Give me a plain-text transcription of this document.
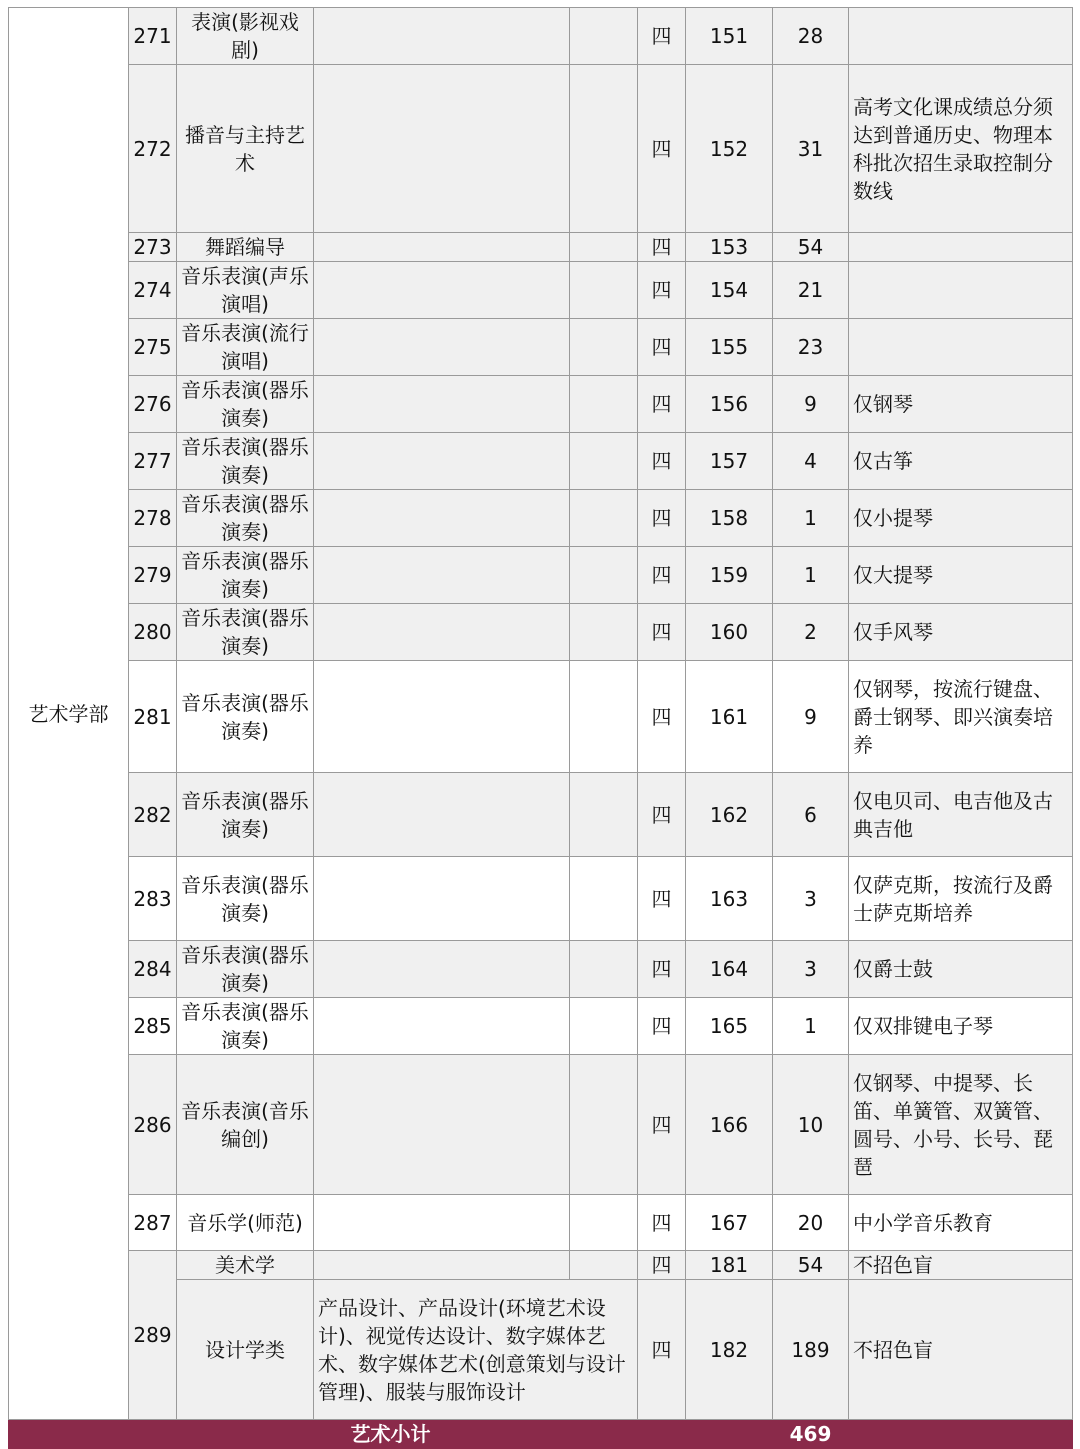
艺术学部	271	表演(影视戏剧)			四	151	28	
	272	播音与主持艺术			四	152	31	高考文化课成绩总分须达到普通历史、物理本科批次招生录取控制分数线
	273	舞蹈编导			四	153	54	
	274	音乐表演(声乐演唱)			四	154	21	
	275	音乐表演(流行演唱)			四	155	23	
	276	音乐表演(器乐演奏)			四	156	9	仅钢琴
	277	音乐表演(器乐演奏)			四	157	4	仅古筝
	278	音乐表演(器乐演奏)			四	158	1	仅小提琴
	279	音乐表演(器乐演奏)			四	159	1	仅大提琴
	280	音乐表演(器乐演奏)			四	160	2	仅手风琴
	281	音乐表演(器乐演奏)			四	161	9	仅钢琴，按流行键盘、爵士钢琴、即兴演奏培养
	282	音乐表演(器乐演奏)			四	162	6	仅电贝司、电吉他及古典吉他
	283	音乐表演(器乐演奏)			四	163	3	仅萨克斯，按流行及爵士萨克斯培养
	284	音乐表演(器乐演奏)			四	164	3	仅爵士鼓
	285	音乐表演(器乐演奏)			四	165	1	仅双排键电子琴
	286	音乐表演(音乐编创)			四	166	10	仅钢琴、中提琴、长笛、单簧管、双簧管、圆号、小号、长号、琵琶
	287	音乐学(师范)			四	167	20	中小学音乐教育
	289	美术学			四	181	54	不招色盲
		设计学类	产品设计、产品设计(环境艺术设计)、视觉传达设计、数字媒体艺术、数字媒体艺术(创意策划与设计管理)、服装与服饰设计		四	182	189	不招色盲
艺术小计							469	
